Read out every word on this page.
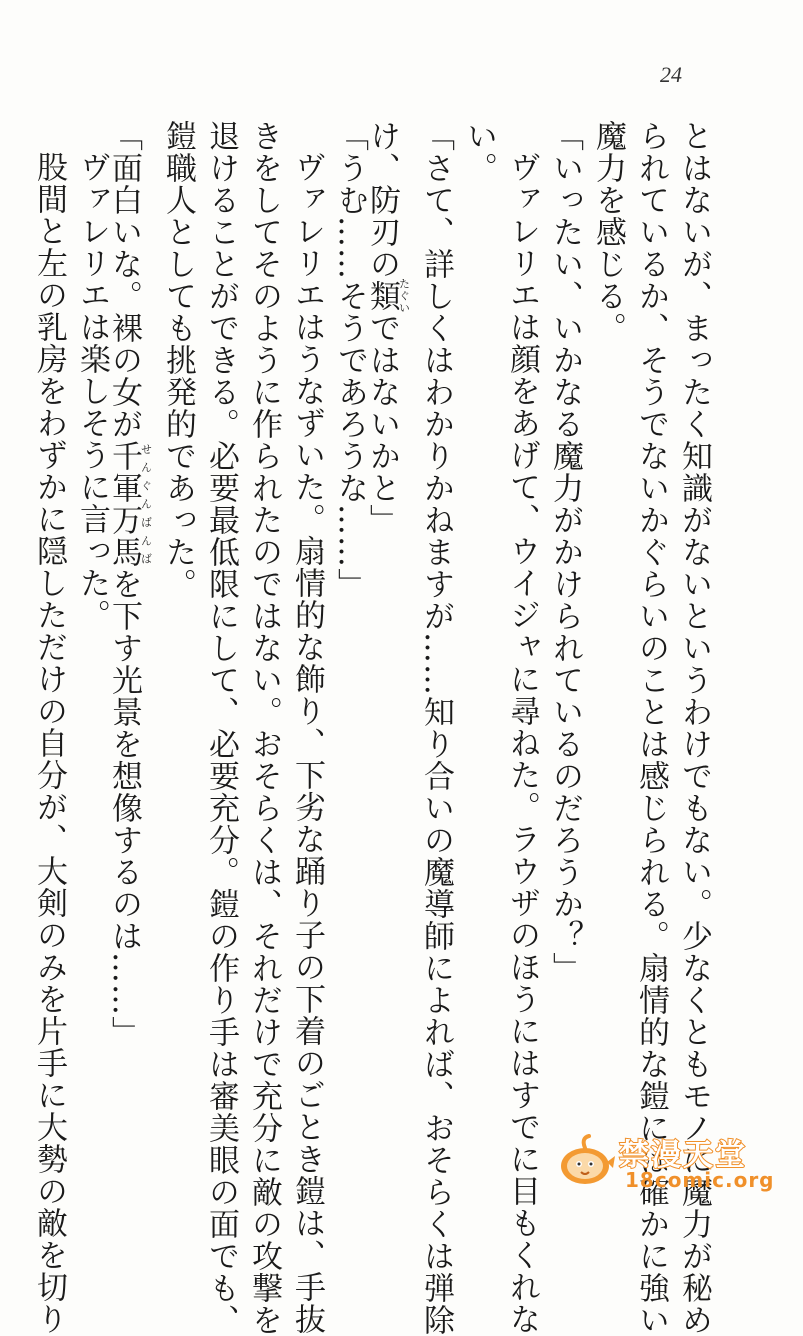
24
とはないが、まったく知識がないというわけでもない。少なくともモノに魔力が秘め
られているか、そうでないかぐらいのことは感じられる。扇情的な鎧には確かに強い
魔力を感じる。
「いったい、いかなる魔力がかけられているのだろうか？」
ヴァレリエは顔をあげて、ウイジャに尋ねた。ラウザのほうにはすでに目もくれな
い。
「さて、詳しくはわかりかねますが……知り合いの魔導師によれば、おそらくは弾除
け、防刃の類たぐいではないかと」
「うむ……そうであろうな……」
ヴァレリエはうなずいた。扇情的な飾り、下劣な踊り子の下着のごとき鎧は、手抜
きをしてそのように作られたのではない。おそらくは、それだけで充分に敵の攻撃を
退けることができる。必要最低限にして、必要充分。鎧の作り手は審美眼の面でも、
鎧職人としても挑発的であった。
「面白いな。裸の女が千軍万馬せんぐんばんばを下す光景を想像するのは……」
ヴァレリエは楽しそうに言った。
股間と左の乳房をわずかに隠しただけの自分が、大剣のみを片手に大勢の敵を切り	禁漫天堂
18comic.org
